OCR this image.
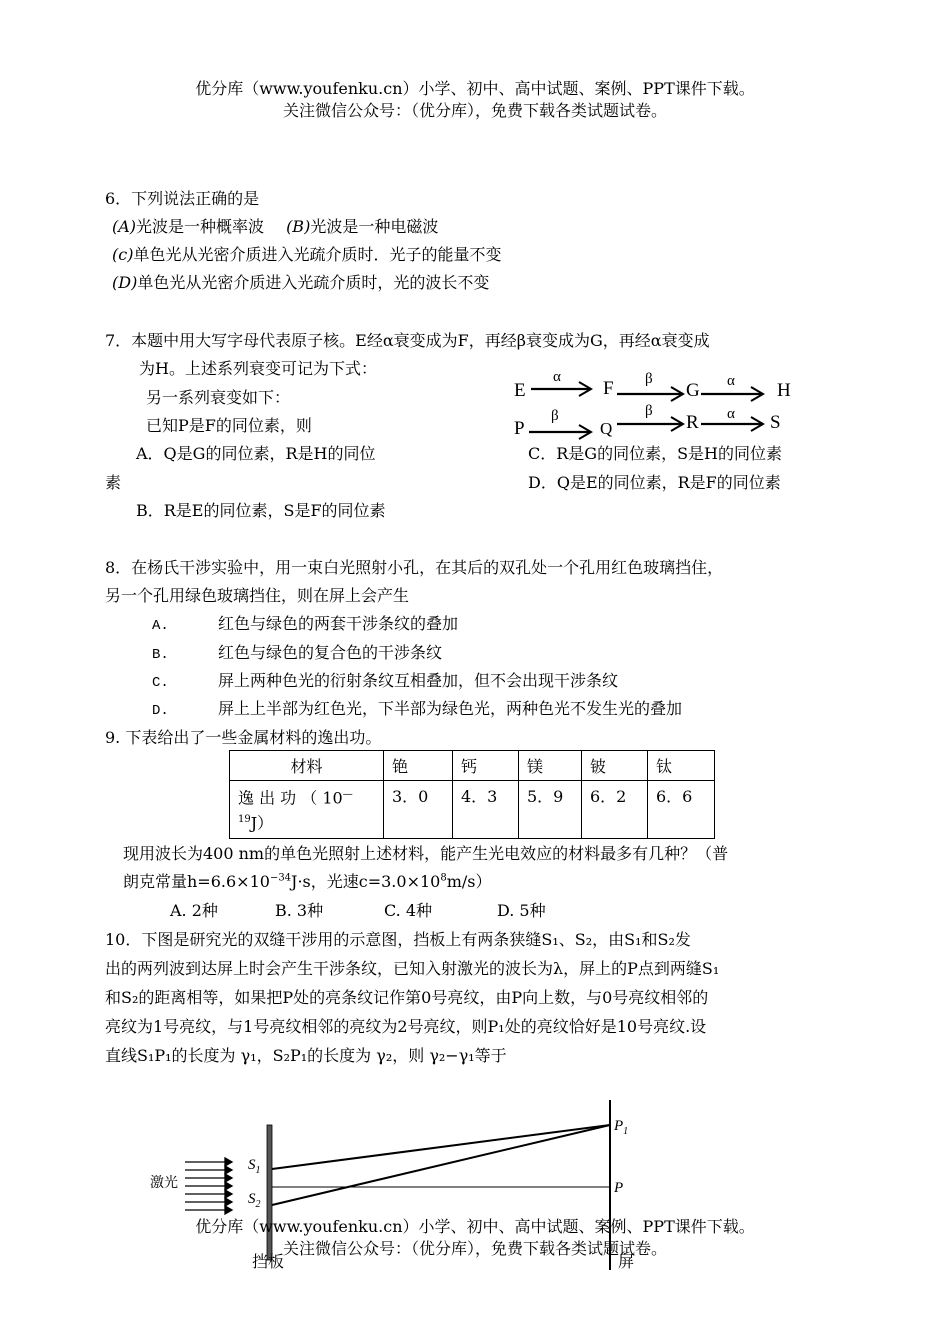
优分库（www.youfenku.cn）小学、初中、高中试题、案例、PPT课件下载。
关注微信公众号：（优分库），免费下载各类试题试卷。
6．下列说法正确的是
(A)光波是一种概率波 (B)光波是一种电磁波
(c)单色光从光密介质进入光疏介质时．光子的能量不变
(D)单色光从光密介质进入光疏介质时，光的波长不变
7．本题中用大写字母代表原子核。E经α衰变成为F，再经β衰变成为G，再经α衰变成
为H。上述系列衰变可记为下式：
另一系列衰变如下：
已知P是F的同位素，则
A．Q是G的同位素，R是H的同位
素
B．R是E的同位素，S是F的同位素
C．R是G的同位素，S是H的同位素
D．Q是E的同位素，R是F的同位素
E
α
F β
G α H
P
β
Q
β
R α S
8．在杨氏干涉实验中，用一束白光照射小孔，在其后的双孔处一个孔用红色玻璃挡住，
另一个孔用绿色玻璃挡住，则在屏上会产生
A.	红色与绿色的两套干涉条纹的叠加
B.	红色与绿色的复合色的干涉条纹
C.	屏上两种色光的衍射条纹互相叠加，但不会出现干涉条纹
D.	屏上上半部为红色光，下半部为绿色光，两种色光不发生光的叠加
9. 下表给出了一些金属材料的逸出功。
材料	铯	钙	镁	铍	钛
逸 出 功 （ 10—
$^{19}$J）	3．0	4．3	5．9	6．2	6．6
现用波长为400 nm的单色光照射上述材料，能产生光电效应的材料最多有几种？（普
朗克常量$h=6.6\times 10^{-34}J\cdot s$，光速$c=3.0\times 10^8m/s$）
A. 2种	B. 3种	C. 4种	D. 5种
10．下图是研究光的双缝干涉用的示意图，挡板上有两条狭缝S₁、S₂，由S₁和S₂发
出的两列波到达屏上时会产生干涉条纹，已知入射激光的波长为λ，屏上的P点到两缝S₁
和S₂的距离相等，如果把P处的亮条纹记作第0号亮纹，由P向上数，与0号亮纹相邻的
亮纹为1号亮纹，与1号亮纹相邻的亮纹为2号亮纹，则P₁处的亮纹恰好是10号亮纹.设
直线S₁P₁的长度为 γ₁，S₂P₁的长度为 γ₂，则 γ₂−γ₁等于
激光
$S_1$
$S_2$
$P_1$
P
挡板	屏
优分库（www.youfenku.cn）小学、初中、高中试题、案例、PPT课件下载。
关注微信公众号：（优分库），免费下载各类试题试卷。
